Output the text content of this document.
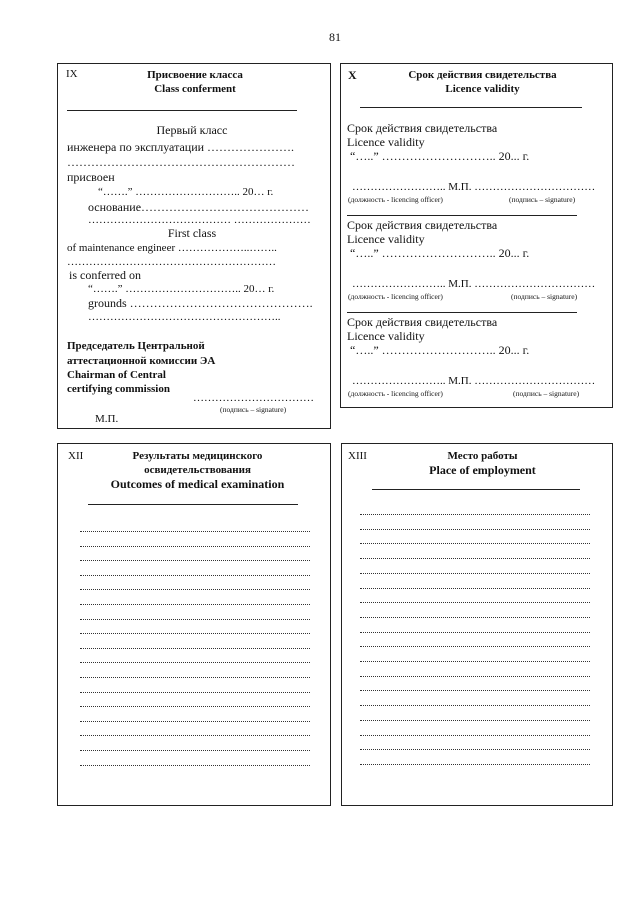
81
IX	Присвоение класса
Class conferment
Первый класс
инженера по эксплуатации ………………….
…………………………………………………
присвоен
“…….” ……………………….. 20… г.
основание……………………………………
………………………………… …………………
First class
of maintenance engineer ………………..……..
…………………………………………………
is conferred on
“…….” ………………………….. 20… г.
grounds ……………………………………….
……………………………………………..
Председатель Центральной
аттестационной комиссии ЭА
Chairman of Central
certifying commission
……………………………
(подпись – signature)
М.П.
X	Срок действия свидетельства
Licence validity
Срок действия свидетельства
Licence validity
“…..” ……………………….. 20... г.
…………………….. М.П. ……………………………
(должность - licencing officer)	(подпись – signature)
Срок действия свидетельства
Licence validity
“…..” ……………………….. 20... г.
…………………….. М.П. ……………………………
(должность - licencing officer)	(подпись – signature)
Срок действия свидетельства
Licence validity
“…..” ……………………….. 20... г.
…………………….. М.П. ……………………………
(должность - licencing officer)	(подпись – signature)
XII	Результаты медицинского
освидетельствования
Outcomes of medical examination
XIII	Место работы
Place of employment
